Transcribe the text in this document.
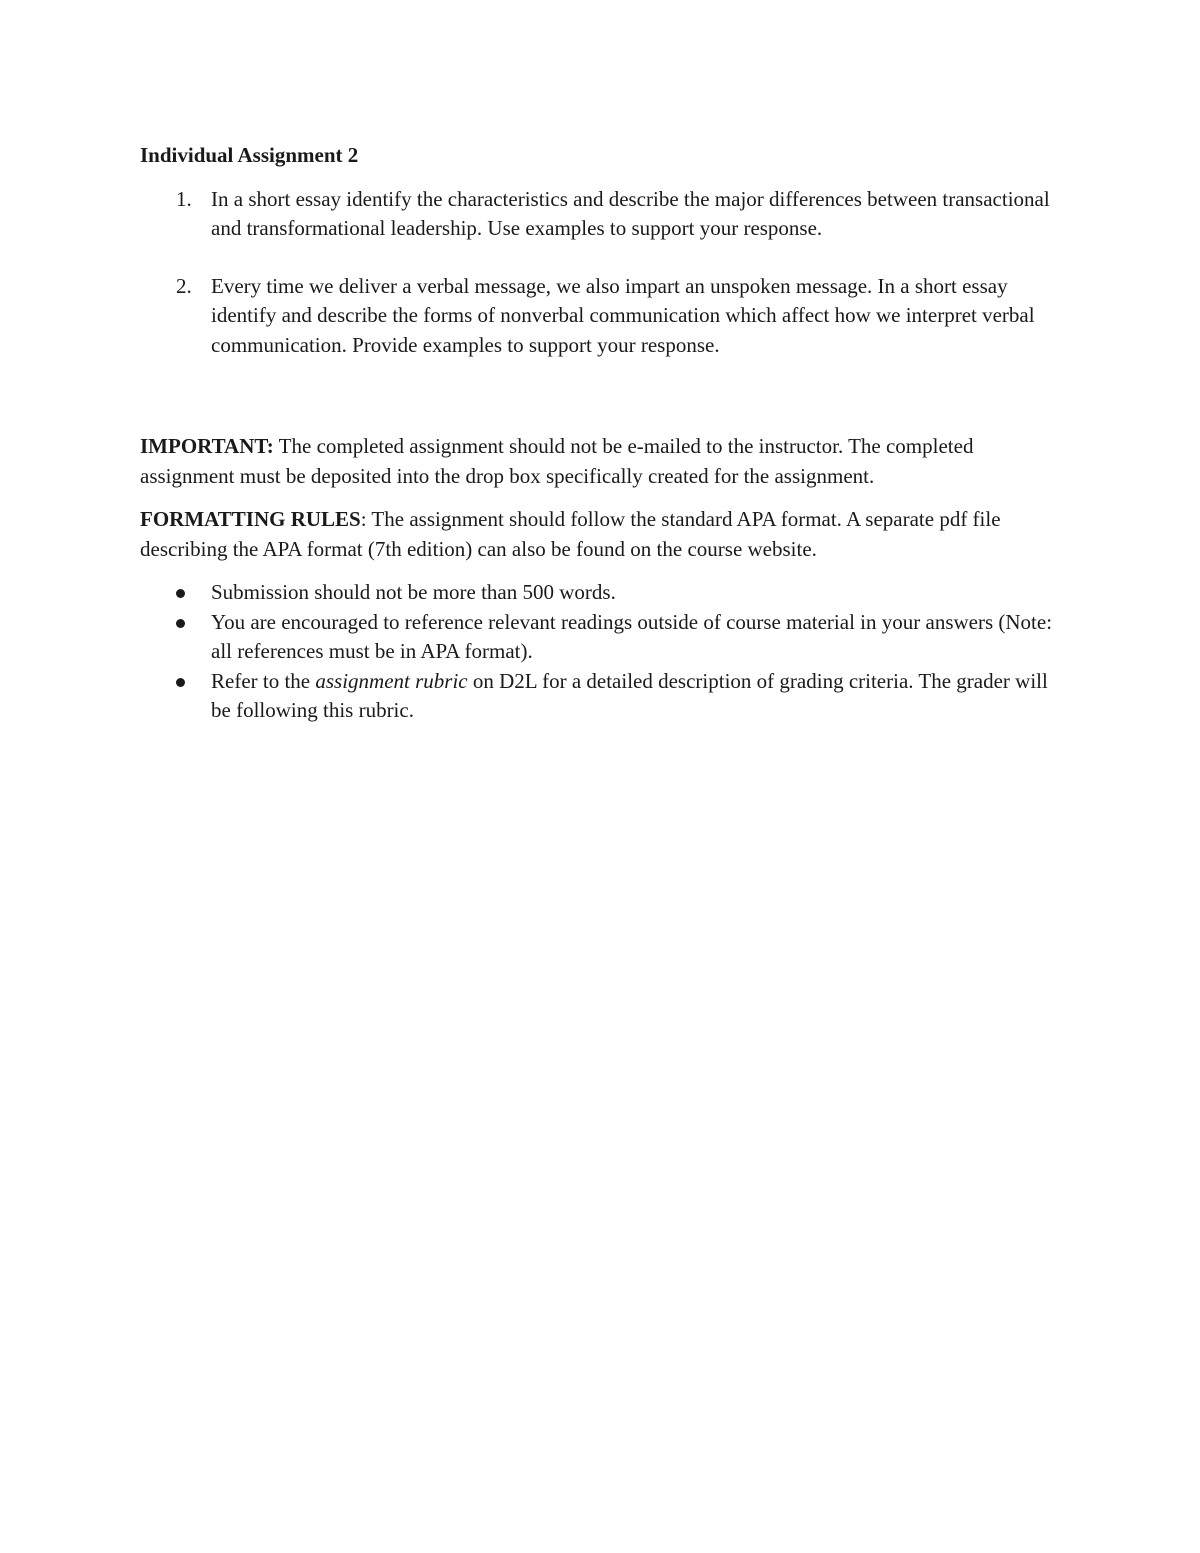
Individual Assignment 2
1. In a short essay identify the characteristics and describe the major differences between transactional and transformational leadership. Use examples to support your response.
2. Every time we deliver a verbal message, we also impart an unspoken message. In a short essay identify and describe the forms of nonverbal communication which affect how we interpret verbal communication. Provide examples to support your response.

IMPORTANT: The completed assignment should not be e-mailed to the instructor. The completed assignment must be deposited into the drop box specifically created for the assignment.

FORMATTING RULES: The assignment should follow the standard APA format. A separate pdf file describing the APA format (7th edition) can also be found on the course website.

Submission should not be more than 500 words.
You are encouraged to reference relevant readings outside of course material in your answers (Note: all references must be in APA format).
Refer to the assignment rubric on D2L for a detailed description of grading criteria. The grader will be following this rubric.
